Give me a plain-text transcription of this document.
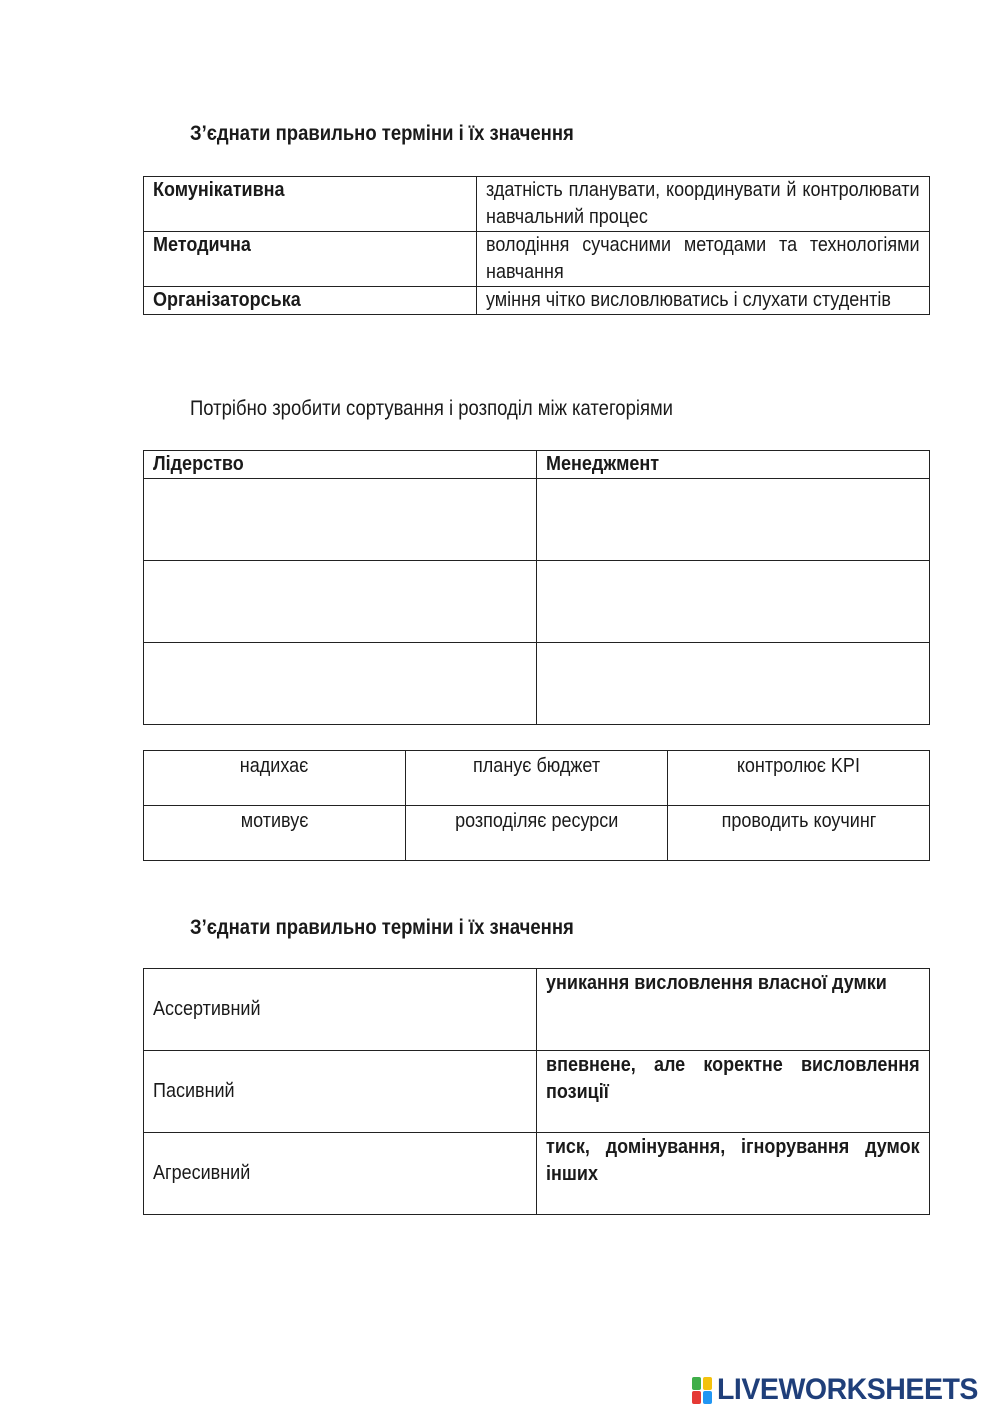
З’єднати правильно терміни і їх значення
Комунікативна	здатність планувати, координувати й контролювати навчальний процес

Методична	володіння сучасними методами та технологіями навчання

Організаторська	уміння чітко висловлюватись і слухати студентів
Потрібно зробити сортування і розподіл між категоріями
Лідерство	Менеджмент

надихає	планує бюджет	контролює KPI
мотивує	розподіляє ресурси	проводить коучинг
З’єднати правильно терміни і їх значення
Ассертивний	уникання висловлення власної думки

Пасивний	впевнене, але коректне висловлення позиції

Агресивний	тиск, домінування, ігнорування думок інших
LIVEWORKSHEETS
